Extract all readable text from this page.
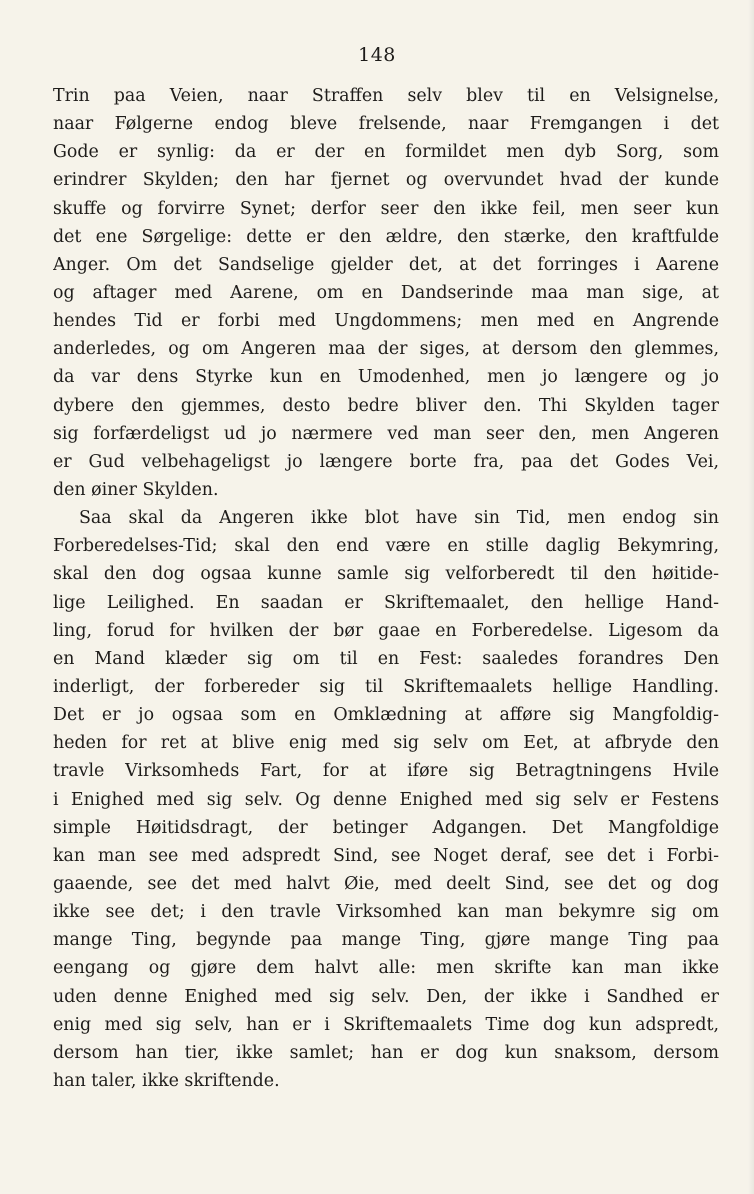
148
Trin paa Veien, naar Straffen selv blev til en Velsignelse,
naar Følgerne endog bleve frelsende, naar Fremgangen i det
Gode er synlig: da er der en formildet men dyb Sorg, som
erindrer Skylden; den har fjernet og overvundet hvad der kunde
skuffe og forvirre Synet; derfor seer den ikke feil, men seer kun
det ene Sørgelige: dette er den ældre, den stærke, den kraftfulde
Anger. Om det Sandselige gjelder det, at det forringes i Aarene
og aftager med Aarene, om en Dandserinde maa man sige, at
hendes Tid er forbi med Ungdommens; men med en Angrende
anderledes, og om Angeren maa der siges, at dersom den glemmes,
da var dens Styrke kun en Umodenhed, men jo længere og jo
dybere den gjemmes, desto bedre bliver den. Thi Skylden tager
sig forfærdeligst ud jo nærmere ved man seer den, men Angeren
er Gud velbehageligst jo længere borte fra, paa det Godes Vei,
den øiner Skylden.
Saa skal da Angeren ikke blot have sin Tid, men endog sin
Forberedelses-Tid; skal den end være en stille daglig Bekymring,
skal den dog ogsaa kunne samle sig velforberedt til den høitide-
lige Leilighed. En saadan er Skriftemaalet, den hellige Hand-
ling, forud for hvilken der bør gaae en Forberedelse. Ligesom da
en Mand klæder sig om til en Fest: saaledes forandres Den
inderligt, der forbereder sig til Skriftemaalets hellige Handling.
Det er jo ogsaa som en Omklædning at afføre sig Mangfoldig-
heden for ret at blive enig med sig selv om Eet, at afbryde den
travle Virksomheds Fart, for at iføre sig Betragtningens Hvile
i Enighed med sig selv. Og denne Enighed med sig selv er Festens
simple Høitidsdragt, der betinger Adgangen. Det Mangfoldige
kan man see med adspredt Sind, see Noget deraf, see det i Forbi-
gaaende, see det med halvt Øie, med deelt Sind, see det og dog
ikke see det; i den travle Virksomhed kan man bekymre sig om
mange Ting, begynde paa mange Ting, gjøre mange Ting paa
eengang og gjøre dem halvt alle: men skrifte kan man ikke
uden denne Enighed med sig selv. Den, der ikke i Sandhed er
enig med sig selv, han er i Skriftemaalets Time dog kun adspredt,
dersom han tier, ikke samlet; han er dog kun snaksom, dersom
han taler, ikke skriftende.
